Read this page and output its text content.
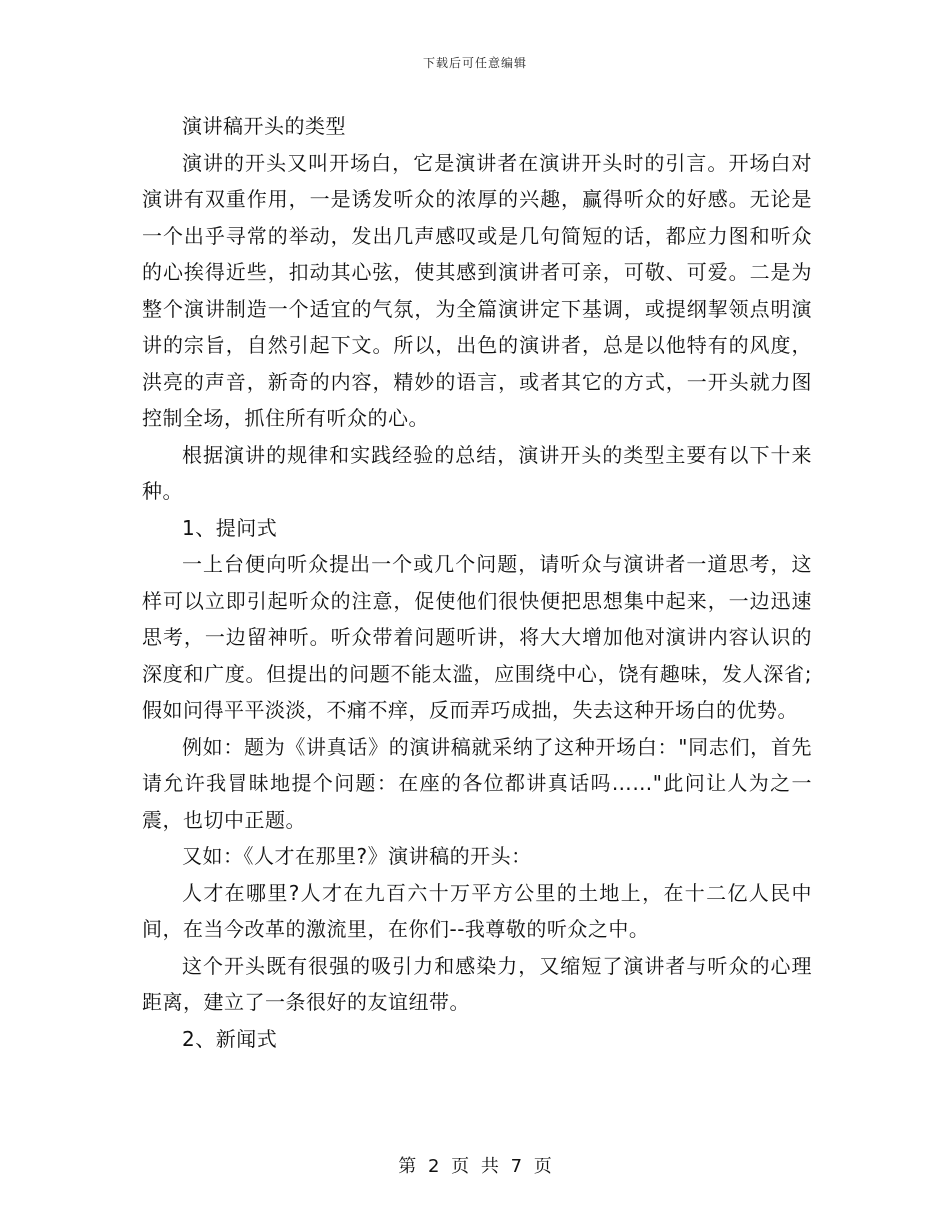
下载后可任意编辑

演讲稿开头的类型

演讲的开头又叫开场白，它是演讲者在演讲开头时的引言。开场白对演讲有双重作用，一是诱发听众的浓厚的兴趣，赢得听众的好感。无论是一个出乎寻常的举动，发出几声感叹或是几句简短的话，都应力图和听众的心挨得近些，扣动其心弦，使其感到演讲者可亲，可敬、可爱。二是为整个演讲制造一个适宜的气氛，为全篇演讲定下基调，或提纲挈领点明演讲的宗旨，自然引起下文。所以，出色的演讲者，总是以他特有的风度，洪亮的声音，新奇的内容，精妙的语言，或者其它的方式，一开头就力图控制全场，抓住所有听众的心。

根据演讲的规律和实践经验的总结，演讲开头的类型主要有以下十来种。

1、提问式

一上台便向听众提出一个或几个问题，请听众与演讲者一道思考，这样可以立即引起听众的注意，促使他们很快便把思想集中起来，一边迅速思考，一边留神听。听众带着问题听讲，将大大增加他对演讲内容认识的深度和广度。但提出的问题不能太滥，应围绕中心，饶有趣味，发人深省;假如问得平平淡淡，不痛不痒，反而弄巧成拙，失去这种开场白的优势。

例如：题为《讲真话》的演讲稿就采纳了这种开场白："同志们，首先请允许我冒昧地提个问题：在座的各位都讲真话吗……"此问让人为之一震，也切中正题。

又如：《人才在那里?》演讲稿的开头：

人才在哪里?人才在九百六十万平方公里的土地上，在十二亿人民中间，在当今改革的激流里，在你们--我尊敬的听众之中。

这个开头既有很强的吸引力和感染力，又缩短了演讲者与听众的心理距离，建立了一条很好的友谊纽带。

2、新闻式

第 2 页 共 7 页
